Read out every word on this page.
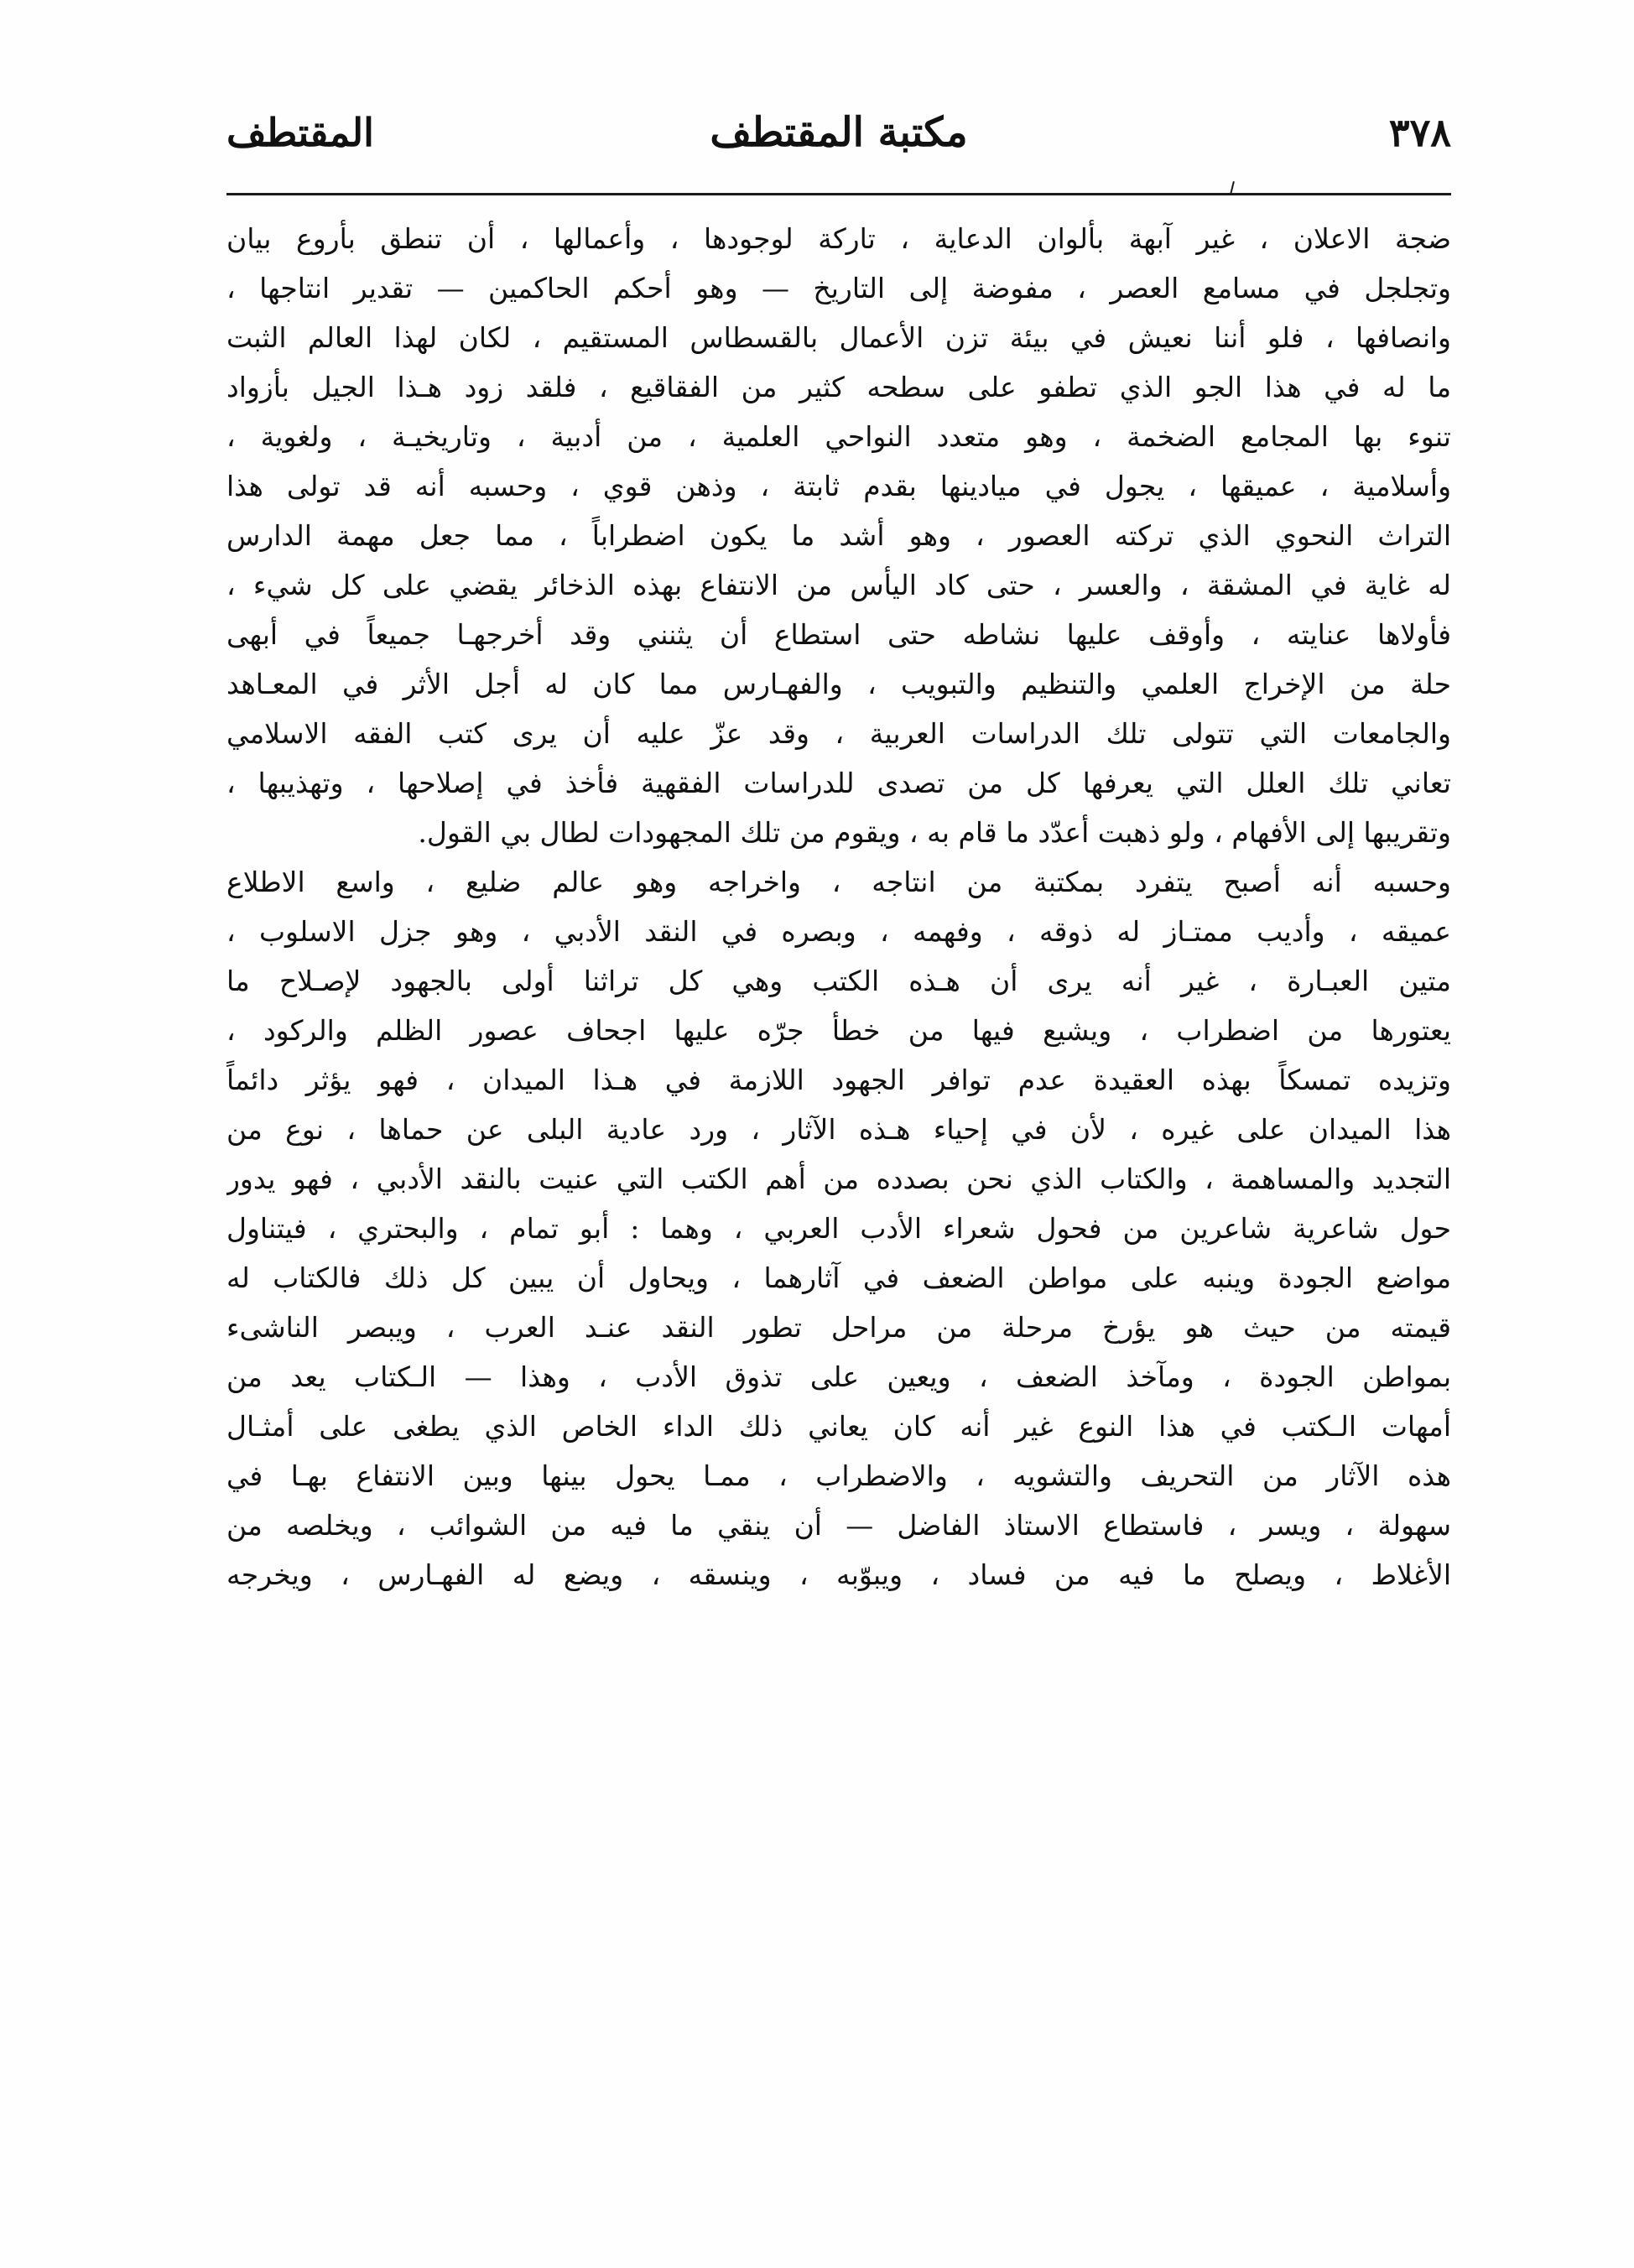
٣٧٨
مكتبة المقتطف
المقتطف
ضجة الاعلان ، غير آبهة بألوان الدعاية ، تاركة لوجودها ، وأعمالها ، أن تنطق بأروع بيان
وتجلجل في مسامع العصر ، مفوضة إلى التاريخ — وهو أحكم الحاكمين — تقدير انتاجها ،
وانصافها ، فلو أننا نعيش في بيئة تزن الأعمال بالقسطاس المستقيم ، لكان لهذا العالم الثبت
ما له في هذا الجو الذي تطفو على سطحه كثير من الفقاقيع ، فلقد زود هـذا الجيل بأزواد
تنوء بها المجامع الضخمة ، وهو متعدد النواحي العلمية ، من أدبية ، وتاريخيـة ، ولغوية ،
وأسلامية ، عميقها ، يجول في ميادينها بقدم ثابتة ، وذهن قوي ، وحسبه أنه قد تولى هذا
التراث النحوي الذي تركته العصور ، وهو أشد ما يكون اضطراباً ، مما جعل مهمة الدارس
له غاية في المشقة ، والعسر ، حتى كاد اليأس من الانتفاع بهذه الذخائر يقضي على كل شيء ،
فأولاها عنايته ، وأوقف عليها نشاطه حتى استطاع أن يثنني وقد أخرجهـا جميعاً في أبهى
حلة من الإخراج العلمي والتنظيم والتبويب ، والفهـارس مما كان له أجل الأثر في المعـاهد
والجامعات التي تتولى تلك الدراسات العربية ، وقد عزّ عليه أن يرى كتب الفقه الاسلامي
تعاني تلك العلل التي يعرفها كل من تصدى للدراسات الفقهية فأخذ في إصلاحها ، وتهذيبها ،
وتقريبها إلى الأفهام ، ولو ذهبت أعدّد ما قام به ، ويقوم من تلك المجهودات لطال بي القول.
وحسبه أنه أصبح يتفرد بمكتبة من انتاجه ، واخراجه وهو عالم ضليع ، واسع الاطلاع
عميقه ، وأديب ممتـاز له ذوقه ، وفهمه ، وبصره في النقد الأدبي ، وهو جزل الاسلوب ،
متين العبـارة ، غير أنه يرى أن هـذه الكتب وهي كل تراثنا أولى بالجهود لإصـلاح ما
يعتورها من اضطراب ، ويشيع فيها من خطأ جرّه عليها اجحاف عصور الظلم والركود ،
وتزيده تمسكاً بهذه العقيدة عدم توافر الجهود اللازمة في هـذا الميدان ، فهو يؤثر دائماً
هذا الميدان على غيره ، لأن في إحياء هـذه الآثار ، ورد عادية البلى عن حماها ، نوع من
التجديد والمساهمة ، والكتاب الذي نحن بصدده من أهم الكتب التي عنيت بالنقد الأدبي ، فهو يدور
حول شاعرية شاعرين من فحول شعراء الأدب العربي ، وهما : أبو تمام ، والبحتري ، فيتناول
مواضع الجودة وينبه على مواطن الضعف في آثارهما ، ويحاول أن يبين كل ذلك فالكتاب له
قيمته من حيث هو يؤرخ مرحلة من مراحل تطور النقد عنـد العرب ، ويبصر الناشىء
بمواطن الجودة ، ومآخذ الضعف ، ويعين على تذوق الأدب ، وهذا — الـكتاب يعد من
أمهات الـكتب في هذا النوع غير أنه كان يعاني ذلك الداء الخاص الذي يطغى على أمثـال
هذه الآثار من التحريف والتشويه ، والاضطراب ، ممـا يحول بينها وبين الانتفاع بهـا في
سهولة ، ويسر ، فاستطاع الاستاذ الفاضل — أن ينقي ما فيه من الشوائب ، ويخلصه من
الأغلاط ، ويصلح ما فيه من فساد ، ويبوّبه ، وينسقه ، ويضع له الفهـارس ، ويخرجه
